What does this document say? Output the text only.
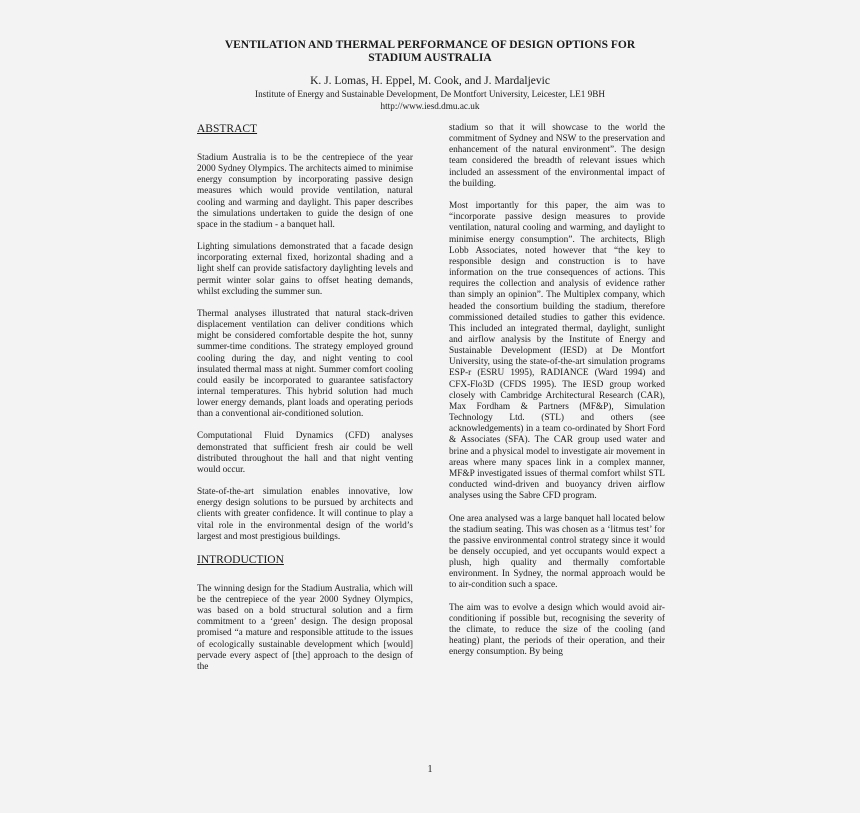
VENTILATION AND THERMAL PERFORMANCE OF DESIGN OPTIONS FOR
STADIUM AUSTRALIA
K. J. Lomas, H. Eppel, M. Cook, and J. Mardaljevic
Institute of Energy and Sustainable Development, De Montfort University, Leicester, LE1 9BH
http://www.iesd.dmu.ac.uk
ABSTRACT

Stadium Australia is to be the centrepiece of the year 2000 Sydney Olympics. The architects aimed to minimise energy consumption by incorporating passive design measures which would provide ventilation, natural cooling and warming and daylight. This paper describes the simulations undertaken to guide the design of one space in the stadium - a banquet hall.

Lighting simulations demonstrated that a facade design incorporating external fixed, horizontal shading and a light shelf can provide satisfactory daylighting levels and permit winter solar gains to offset heating demands, whilst excluding the summer sun.

Thermal analyses illustrated that natural stack-driven displacement ventilation can deliver conditions which might be considered comfortable despite the hot, sunny summer-time conditions. The strategy employed ground cooling during the day, and night venting to cool insulated thermal mass at night. Summer comfort cooling could easily be incorporated to guarantee satisfactory internal temperatures. This hybrid solution had much lower energy demands, plant loads and operating periods than a conventional air-conditioned solution.

Computational Fluid Dynamics (CFD) analyses demonstrated that sufficient fresh air could be well distributed throughout the hall and that night venting would occur.

State-of-the-art simulation enables innovative, low energy design solutions to be pursued by architects and clients with greater confidence. It will continue to play a vital role in the environmental design of the world’s largest and most prestigious buildings.

INTRODUCTION

The winning design for the Stadium Australia, which will be the centrepiece of the year 2000 Sydney Olympics, was based on a bold structural solution and a firm commitment to a ‘green’ design. The design proposal promised “a mature and responsible attitude to the issues of ecologically sustainable development which [would] pervade every aspect of [the] approach to the design of the

stadium so that it will showcase to the world the commitment of Sydney and NSW to the preservation and enhancement of the natural environment”. The design team considered the breadth of relevant issues which included an assessment of the environmental impact of the building.

Most importantly for this paper, the aim was to “incorporate passive design measures to provide ventilation, natural cooling and warming, and daylight to minimise energy consumption”. The architects, Bligh Lobb Associates, noted however that “the key to responsible design and construction is to have information on the true consequences of actions. This requires the collection and analysis of evidence rather than simply an opinion”. The Multiplex company, which headed the consortium building the stadium, therefore commissioned detailed studies to gather this evidence. This included an integrated thermal, daylight, sunlight and airflow analysis by the Institute of Energy and Sustainable Development (IESD) at De Montfort University, using the state-of-the-art simulation programs ESP-r (ESRU 1995), RADIANCE (Ward 1994) and CFX-Flo3D (CFDS 1995). The IESD group worked closely with Cambridge Architectural Research (CAR), Max Fordham & Partners (MF&P), Simulation Technology Ltd. (STL) and others (see acknowledgements) in a team co-ordinated by Short Ford & Associates (SFA). The CAR group used water and brine and a physical model to investigate air movement in areas where many spaces link in a complex manner, MF&P investigated issues of thermal comfort whilst STL conducted wind-driven and buoyancy driven airflow analyses using the Sabre CFD program.

One area analysed was a large banquet hall located below the stadium seating. This was chosen as a ‘litmus test’ for the passive environmental control strategy since it would be densely occupied, and yet occupants would expect a plush, high quality and thermally comfortable environment. In Sydney, the normal approach would be to air-condition such a space.

The aim was to evolve a design which would avoid air-conditioning if possible but, recognising the severity of the climate, to reduce the size of the cooling (and heating) plant, the periods of their operation, and their energy consumption. By being

1
